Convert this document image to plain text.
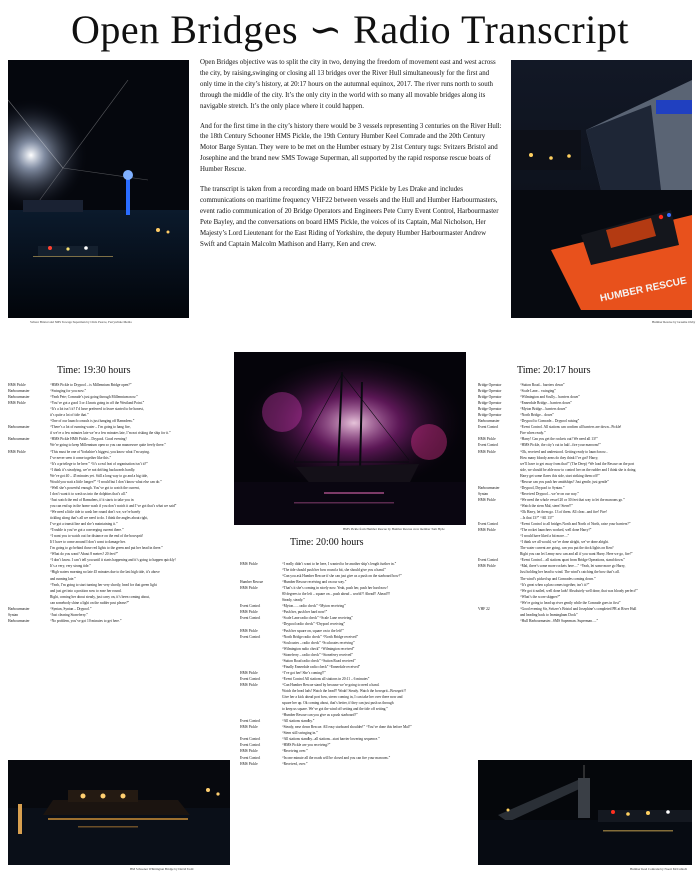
Open Bridges ∽ Radio Transcript

Open Bridges objective was to split the city in two, denying the freedom of movement east and west across the city, by raising,swinging or closing all 13 bridges over the River Hull simultaneously for the first and only time in the city’s history, at 20:17 hours on the autumnal equinox, 2017. The river runs north to south through the middle of the city. It’s the only city in the world with so many all movable bridges along its navigable stretch. It’s the only place where it could happen.

And for the first time in the city’s history there would be 3 vessels representing 3 centuries on the River Hull: the 18th Century Schooner HMS Pickle, the 19th Century Humber Keel Comrade and the 20th Century Motor Barge Syntan. They were to be met on the Humber estuary by 21st Century tugs: Svitzers Bristol and Josephine and the brand new SMS Towage Superman, all supported by the rapid response rescue boats of Humber Rescue.

The transcript is taken from a recording made on board HMS Pickle by Les Drake and includes communications on maritime frequency VHF22 between vessels and the Hull and Humber Harbourmasters, event radio communication of 20 Bridge Operators and Engineers Pete Curry Event Control, Harbourmaster Pete Bayley, and the conversations on board HMS Pickle, the voices of its Captain, Mal Nicholson, Her Majesty’s Lord Lieutenant for the East Riding of Yorkshire, the deputy Humber Harbourmaster Andrew Swift and Captain Malcolm Mathison and Harry, Ken and crew.

Svitzer Bristol and SMS Towage Superman by Chris Pearce, Ferrywhale Media
HUMBER RESCUE
Humber Rescue by Graeme Oxby
Time: 19:30 hours
HMS Pickle	“HMS Pickle to Drypool – is Millennium Bridge open?”
Harbourmaster	“Swinging for you now.”
Harbourmaster	“Yeah Pete; Comrade’s just going through Millennium now.”
HMS Pickle	“You’ve got a good 3 or 4 knots going in off the Westland Point.”
“It’s a lot isn’t it? I’d have preferred to leave started to be honest,
it’s quite a lot of tide that.”
“One of our launch consuls is just hanging off Ramsdens.”
Harbourmaster	“There’s a lot of running water – I’m going to hang fire,
if we’re a few minutes late we’re a few minutes late, I’m not risking the ship for it.”
Harbourmaster	“HMS Pickle HMS Pickle... Drypool. Good evening!
We’re going to keep Millennium open so you can manoeuvre quite freely there.”
HMS Pickle	“This must be one of Yorkshire’s biggest, you know what I’m saying.
I’ve never seen it come together like this.”
“It’s a privilege to be here.” “It’s a real feat of organisation isn’t it?”
“I think it’s steadying, we’re not drifting backwards hardly.
We’ve got 40 – 45 minutes yet. Still a long way to go and a big tide,
Would you wait a little longer?” “I would but I don’t know what else can do.”
“Well she’s powerful enough. You’ve got to watch the current,
I don’t want it to wash us into the dolphins that’s all.”
“Just watch the end of Ramsdens, if it starts to take you in
you can end up in the home wash if you don’t watch it and I’ve got that’s what we said”
“We need a little tide to wash her round don’t we, we’re barely
tickling along that’s all we need to do. I think the angles about right,
I’ve got a transit line and she’s maintaining it.”
“Trouble is you’ve got a converging current there.”
“I want you to watch out for distance on the end of the bowsprit!
If I have to come around I don’t want to damage her.
I’m going to go behind those red lights to the green and put her head in there.”
“What do you want? About 8 metres? 20 feet?”
“I don’t know. I can’t tell you until it starts happening and it’s going to happen quickly!
It’s a very, very strong tide.”
“High waters morning no late 45 minutes due to the last high tide, it’s above
and running late.”
“Yeah, I’m going to start turning her very shortly, head for that green light
and just get into a position now to ease her round.
Right, coming her about steady, just carry on, it’s been coming about,
can somebody shine a light on the rudder post please?”
Harbourmaster	“Syntan, Syntan – Drypool.”
Syntan	“Just clearing Stoneferry.”
Harbourmaster	“No problem, you’ve got 10 minutes to get here.”
HMS Pickle from Humber Rescue by Humber Rescue crew member Tom Hyde
Time: 20:00 hours
HMS Pickle	“I really didn’t want to be here, I wanted to be another ship’s length further in.”
“The tide should push her bow round a bit, she should give you a hand.”
“Can you ask Humber Rescue if she can just give us a push on the starboard bow?”
Humber Rescue	“Humber Rescue receiving and on our way.”
HMS Pickle	“That’s it she’s coming in nicely now. Yeah, push her, push her hard now!
80 degrees to the left – square on – push ahead – world?! Ahead!! Ahead!!!
Steady, steady.”
Event Control	“Myton...... radio check” “Myton receiving”
HMS Pickle	“Push her, push her hard now!”
Event Control	“Scale Lane radio check” “Scale Lane receiving”
“Drypool radio check” “Drypool receiving”
HMS Pickle	“Push her square on, square on to the left!”
Event Control	“North Bridge radio check” “North Bridge received”
“Sculcoates – radio check” “Sculcoates receiving”
“Wilmington radio check” “Wilmington received”
“Stoneferry – radio check” “Stoneferry received”
“Sutton Road radio check” “Sutton Road received”
“Finally Ennerdale radio check” “Ennerdale received”
HMS Pickle	“I’ve got her! She’s coming!!”
Event Control	“Event Control All stations all stations in 20:11 – 6 minutes”
HMS Pickle	“Can Humber Rescue stand by because we’re going to need a hand.
Watch the head lads! Watch the head!! Woah! Steady. Watch the bowsprit...Bowsprit!!
Give her a kick ahead port bow, stereo coming in, I can take her over there now and
square her up. Ok coming about, that’s better, if they can just push us through
to keep us square. We’ve got the wind off setting and the tide off setting.”
“Humber Rescue can you give us a push starboard?”
Event Control	“All stations standby.”
HMS Pickle	“Steady, ease down Rescue. All easy starboard shoulder!” “You’ve done this before Mal!”
“Stern still swinging in.”
Event Control	“All stations standby...all stations...start barrier lowering sequence.”
Event Control	“HMS Pickle are you receiving?”
HMS Pickle	“Receiving over.”
Event Control	“In one minute all the roads will be closed and you can fire your maroons.”
HMS Pickle	“Received, over.”
Time: 20:17 hours
Bridge Operator	“Sutton Road... barriers down”
Bridge Operator	“Scale Lane... swinging”
Bridge Operator	“Wilmington and Scully... barriers down”
Bridge Operator	“Ennerdale Bridge... barriers down”
Bridge Operator	“Myton Bridge... barriers down”
Bridge Operator	“North Bridge... down”
Harbourmaster	“Drypool to Comrade... Drypool raising”
Event Control	“Event Control. All stations can confirm all barriers are down...Pickle!
Fire when ready.”
HMS Pickle	“Harry! Can you get the rockets out! We need all 13!”
Event Control	“HMS Pickle, the city’s cut in half...fire your maroons!”
HMS Pickle	“Ok, received and understood. Getting ready to launch now...
How many bloody arms do they think I’ve got? Harry,
we’ll have to get away from that!” (The Deep) “We load the Rescue on the port
side, we should be able now to control her on the rudder and I think she is doing.
Harry get some flares this side, start striking them off!”
“Rescue can you push her amidships? Just gentle, just gentle”
Harbourmaster	“Drypool, Drypool to Syntan.”
Syntan	“Received Drypool... we’re on our way.”
HMS Pickle	“We need the whole vessel 20 or 30 feet that way to let the maroons go.”
“Watch the stern Mal, stern! Stern!!”
“Ok Harry, let them go. 13 of them. All clear...and fire! Fire!
...Is that 13?” “All 13!”
Event Control	“Event Control to all bridges North and North of North, raise your barriers?”
HMS Pickle	“The rocket launchers worked, well done Harry!”
“I would have liked a bit more....”
“I think we all would, we’ve done alright, we’ve done alright.
The water current are going, can you put the dock lights on Ken?
Right you can let Lenny now can and all if you want Harry. Here we go, fire!”
Event Control	“Event Control... all stations apart from Bridge Operations, stand down.”
HMS Pickle	“Mal, there’s some more rockets here....” “Yeah, let some more go Harry,
Just holding her head to wind. The wind’s catching the bow that’s all.
The wind’s picked up and Comrades coming down.”
“It’s great when a plan comes together, isn’t it?”
“We got it nailed, well done lads! Absolutely well done, that was bloody perfect!”
“What’s the score skipper?”
“We’re going to head up river gently while the Comrade goes in first”
VHF 22	“Good evening Sir, Svitzer’s Bristol and Josephine’s completed PR at River Hull
and heading back to Immingham Dock”
“Hull Harbourmaster...SMS Superman. Superman.....”
HM Schooner Whittington Bridge by David Todd	Humber Keel Comrade by Noori McCulloch
